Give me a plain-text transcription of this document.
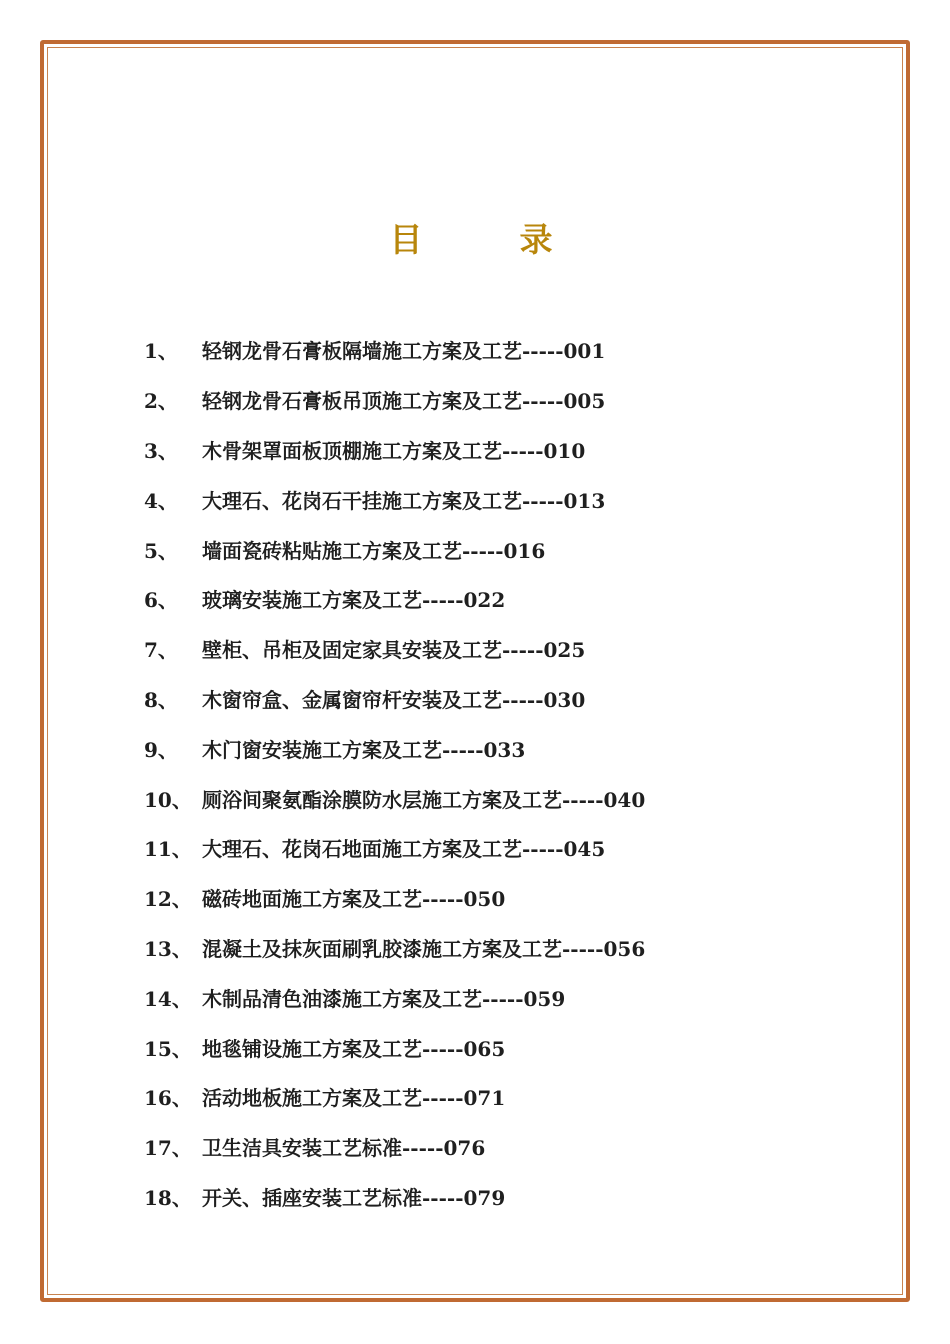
目　录
1、	轻钢龙骨石膏板隔墙施工方案及工艺-----001
2、	轻钢龙骨石膏板吊顶施工方案及工艺-----005
3、	木骨架罩面板顶棚施工方案及工艺-----010
4、	大理石、花岗石干挂施工方案及工艺-----013
5、	墙面瓷砖粘贴施工方案及工艺-----016
6、	玻璃安装施工方案及工艺-----022
7、	壁柜、吊柜及固定家具安装及工艺-----025
8、	木窗帘盒、金属窗帘杆安装及工艺-----030
9、	木门窗安装施工方案及工艺-----033
10、 厕浴间聚氨酯涂膜防水层施工方案及工艺-----040
11、 大理石、花岗石地面施工方案及工艺-----045
12、 磁砖地面施工方案及工艺-----050
13、 混凝土及抹灰面刷乳胶漆施工方案及工艺-----056
14、 木制品清色油漆施工方案及工艺-----059
15、 地毯铺设施工方案及工艺-----065
16、 活动地板施工方案及工艺-----071
17、 卫生洁具安装工艺标准-----076
18、 开关、插座安装工艺标准-----079
